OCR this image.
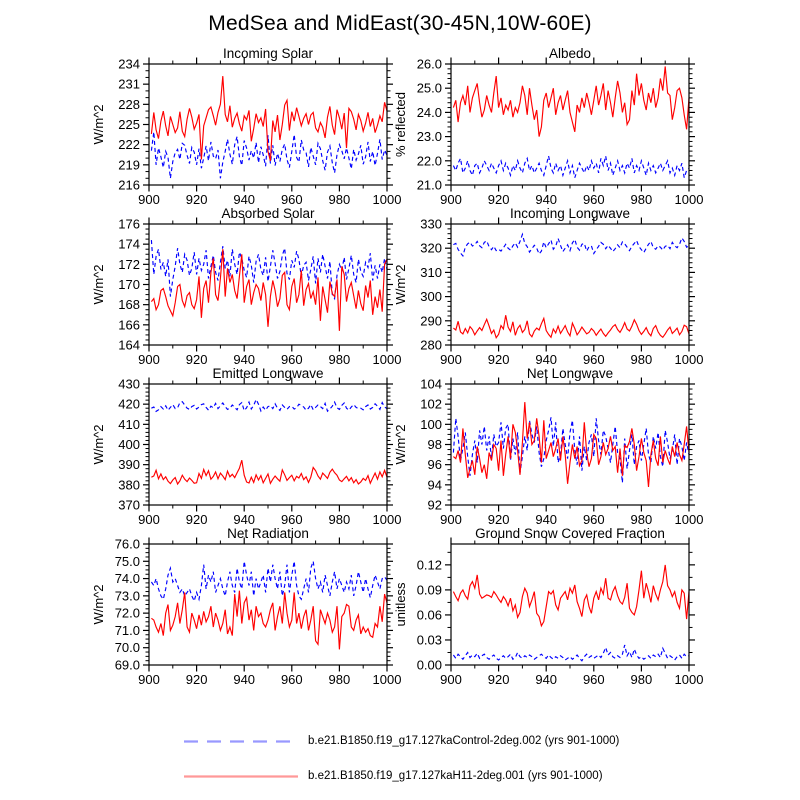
216
219
222
225
228
231
234
900 920 940 960 980 1000
Incoming Solar
W/m^2
21.0
22.0
23.0
24.0
25.0
26.0
900 920 940 960 980 1000
Albedo
% reflected
164
166
168
170
172
174
176
900 920 940 960 980 1000
Absorbed Solar
W/m^2
280
290
300
310
320
330
900 920 940 960 980 1000
Incoming Longwave
W/m^2
370
380
390
400
410
420
430
900 920 940 960 980 1000
Emitted Longwave
W/m^2
92
94
96
98
100
102
104
900 920 940 960 980 1000
Net Longwave
W/m^2
69.0
70.0
71.0
72.0
73.0
74.0
75.0
76.0
900 920 940 960 980 1000
Net Radiation
W/m^2
0.00
0.03
0.06
0.09
0.12
900 920 940 960 980 1000
Ground Snow Covered Fraction
unitless
MedSea and MidEast(30-45N,10W-60E)
b.e21.B1850.f19_g17.127kaControl-2deg.002 (yrs 901-1000)
b.e21.B1850.f19_g17.127kaH11-2deg.001 (yrs 901-1000)
